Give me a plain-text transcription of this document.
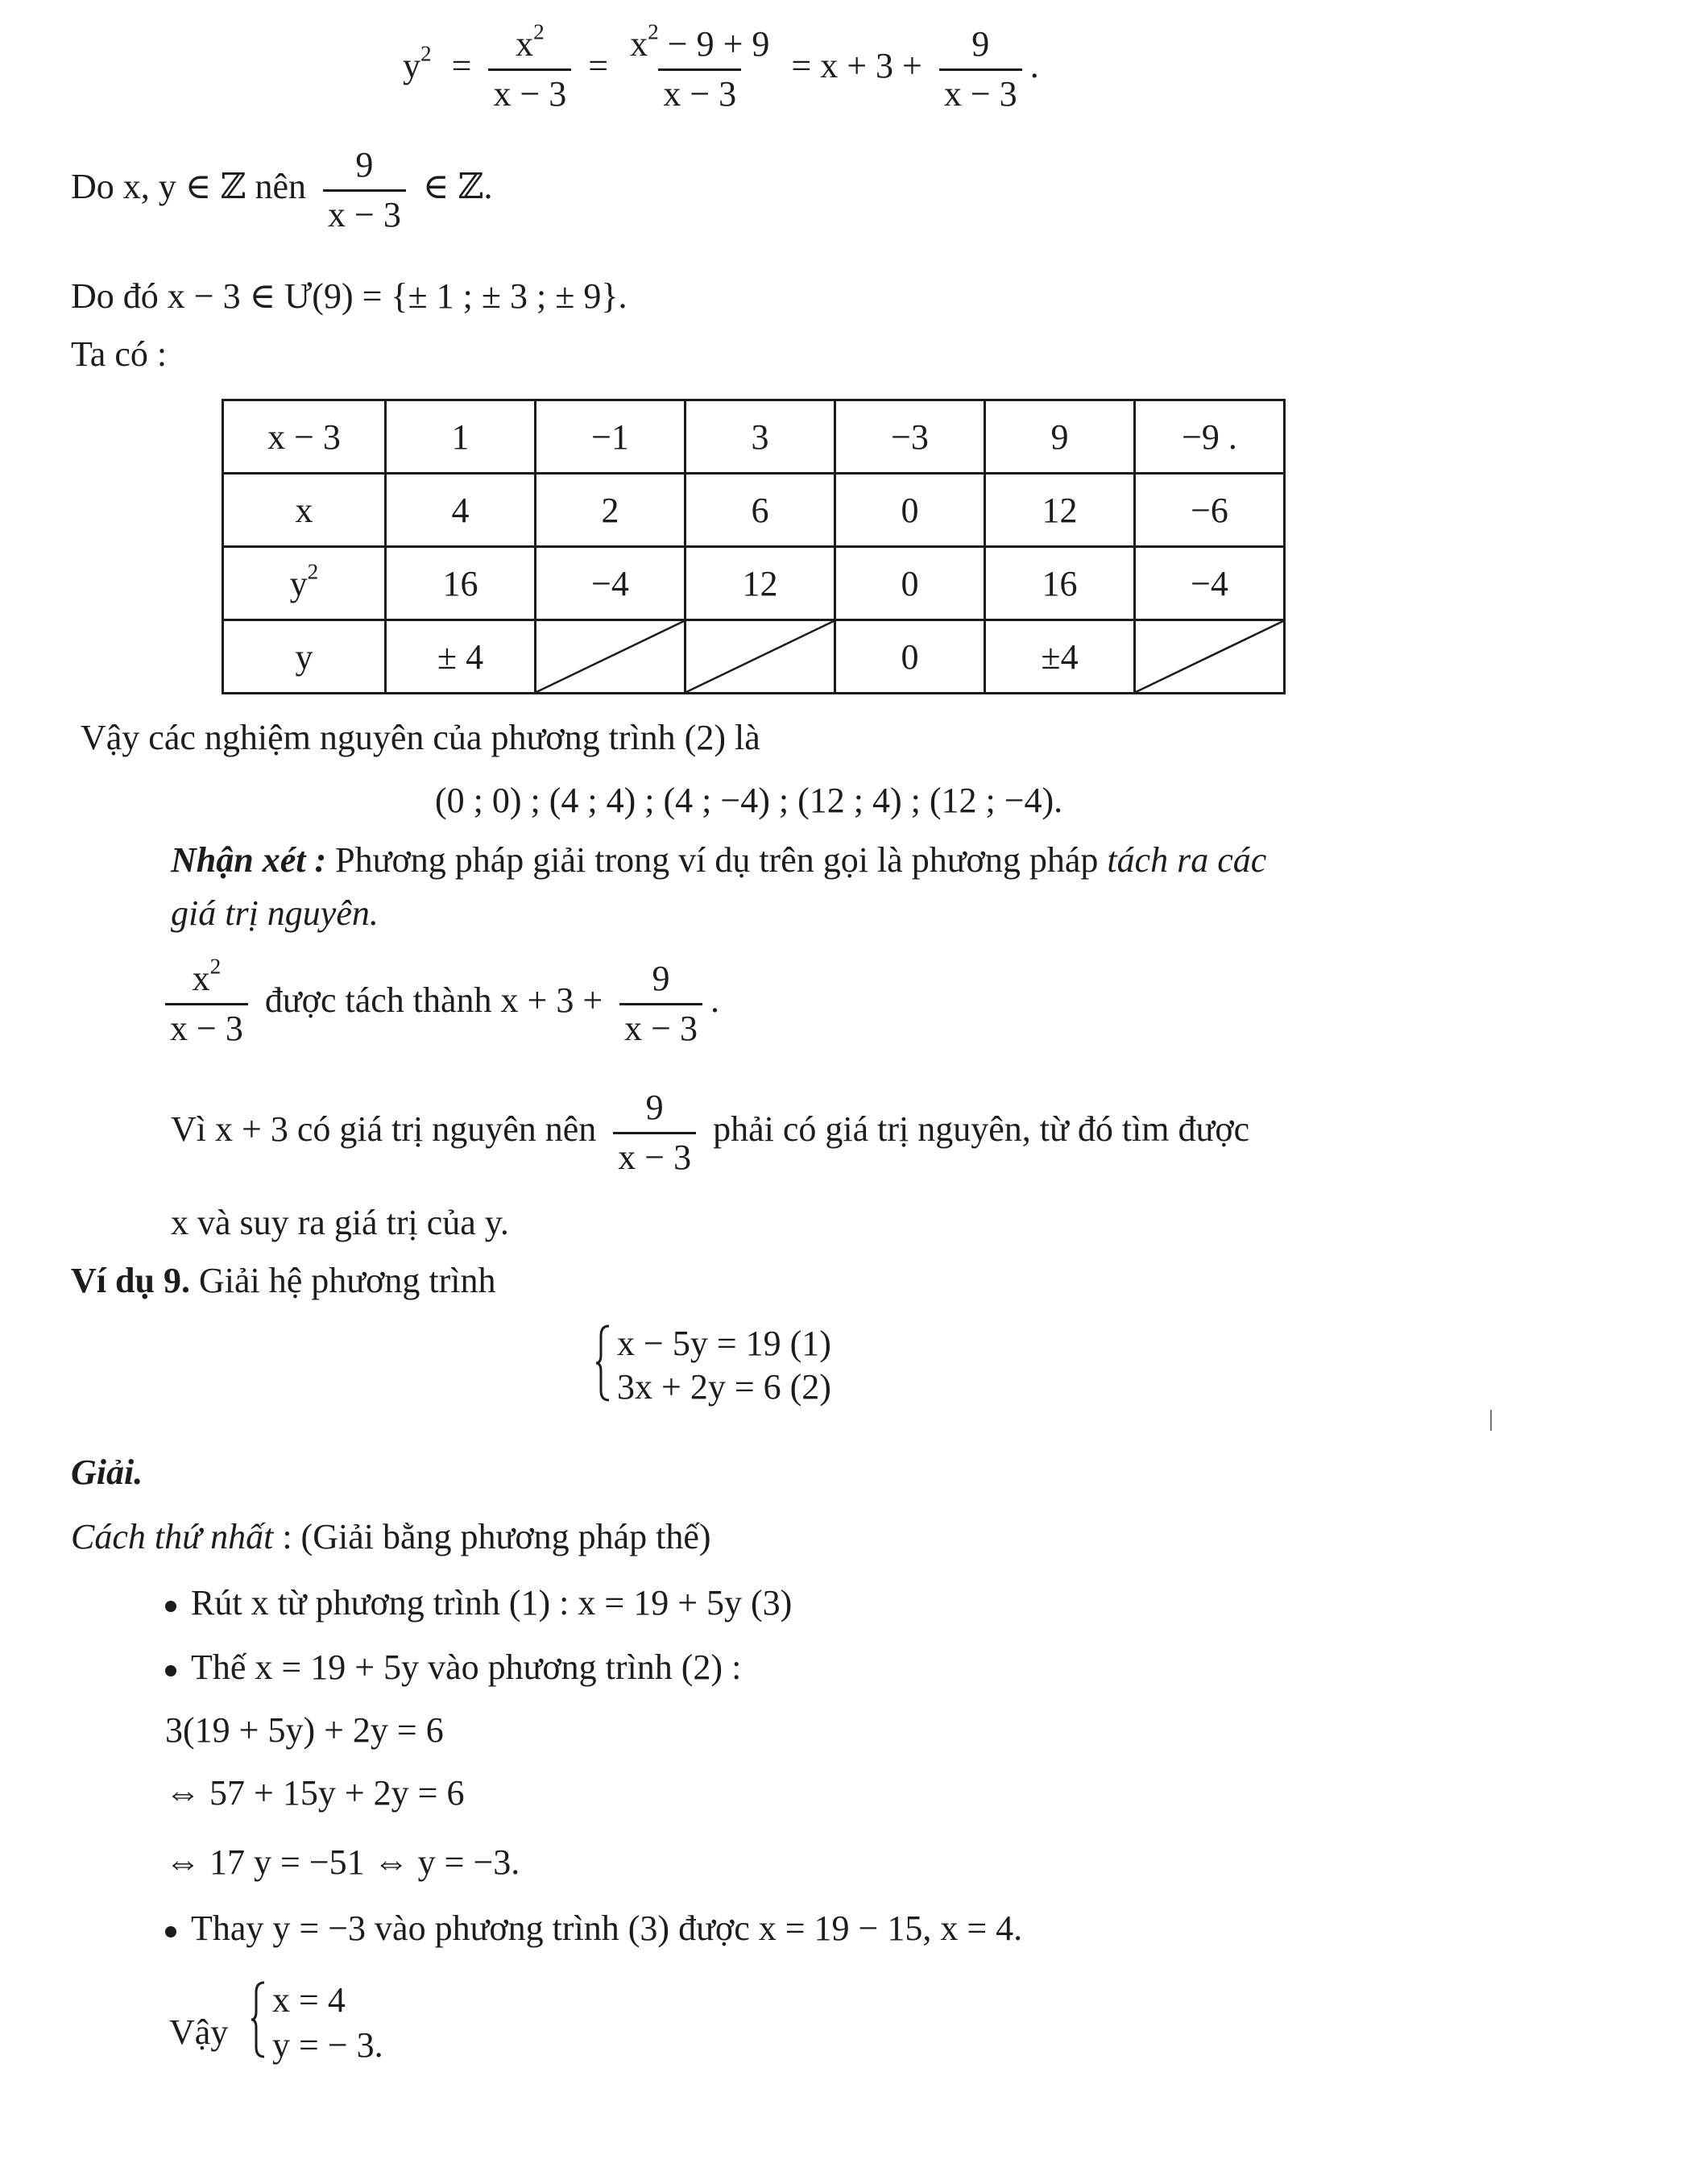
$y^2 = \frac{x^2}{x - 3} = \frac{x^2 - 9 + 9}{x - 3} = x + 3 + \frac{9}{x - 3}$ .
Do x, y ∈ ℤ nên $\frac{9}{x - 3}$ ∈ ℤ.
Do đó x − 3 ∈ Ư(9) = {± 1 ; ± 3 ; ± 9}.
Ta có :
x − 3	1	−1	3	−3	9	−9 .
x	4	2	6	0	12	−6
$y^2$	16	−4	12	0	16	−4
y	± 4			0	±4	
Vậy các nghiệm nguyên của phương trình (2) là
(0 ; 0) ; (4 ; 4) ; (4 ; −4) ; (12 ; 4) ; (12 ; −4).
Nhận xét : Phương pháp giải trong ví dụ trên gọi là phương pháp tách ra các
giá trị nguyên.
$\frac{x^2}{x - 3}$ được tách thành $x + 3 + \frac{9}{x - 3}$ .
Vì x + 3 có giá trị nguyên nên $\frac{9}{x - 3}$ phải có giá trị nguyên, từ đó tìm được
x và suy ra giá trị của y.
Ví dụ 9. Giải hệ phương trình
x − 5y = 19 (1)
3x + 2y = 6 (2)
Giải.
Cách thứ nhất : (Giải bằng phương pháp thế)
Rút x từ phương trình (1) : x = 19 + 5y (3)
Thế x = 19 + 5y vào phương trình (2) :
3(19 + 5y) + 2y = 6
⇔ 57 + 15y + 2y = 6
⇔ 17 y = −51 ⇔ y = −3.
Thay y = −3 vào phương trình (3) được x = 19 − 15, x = 4.
Vậy
x = 4
y = − 3.
